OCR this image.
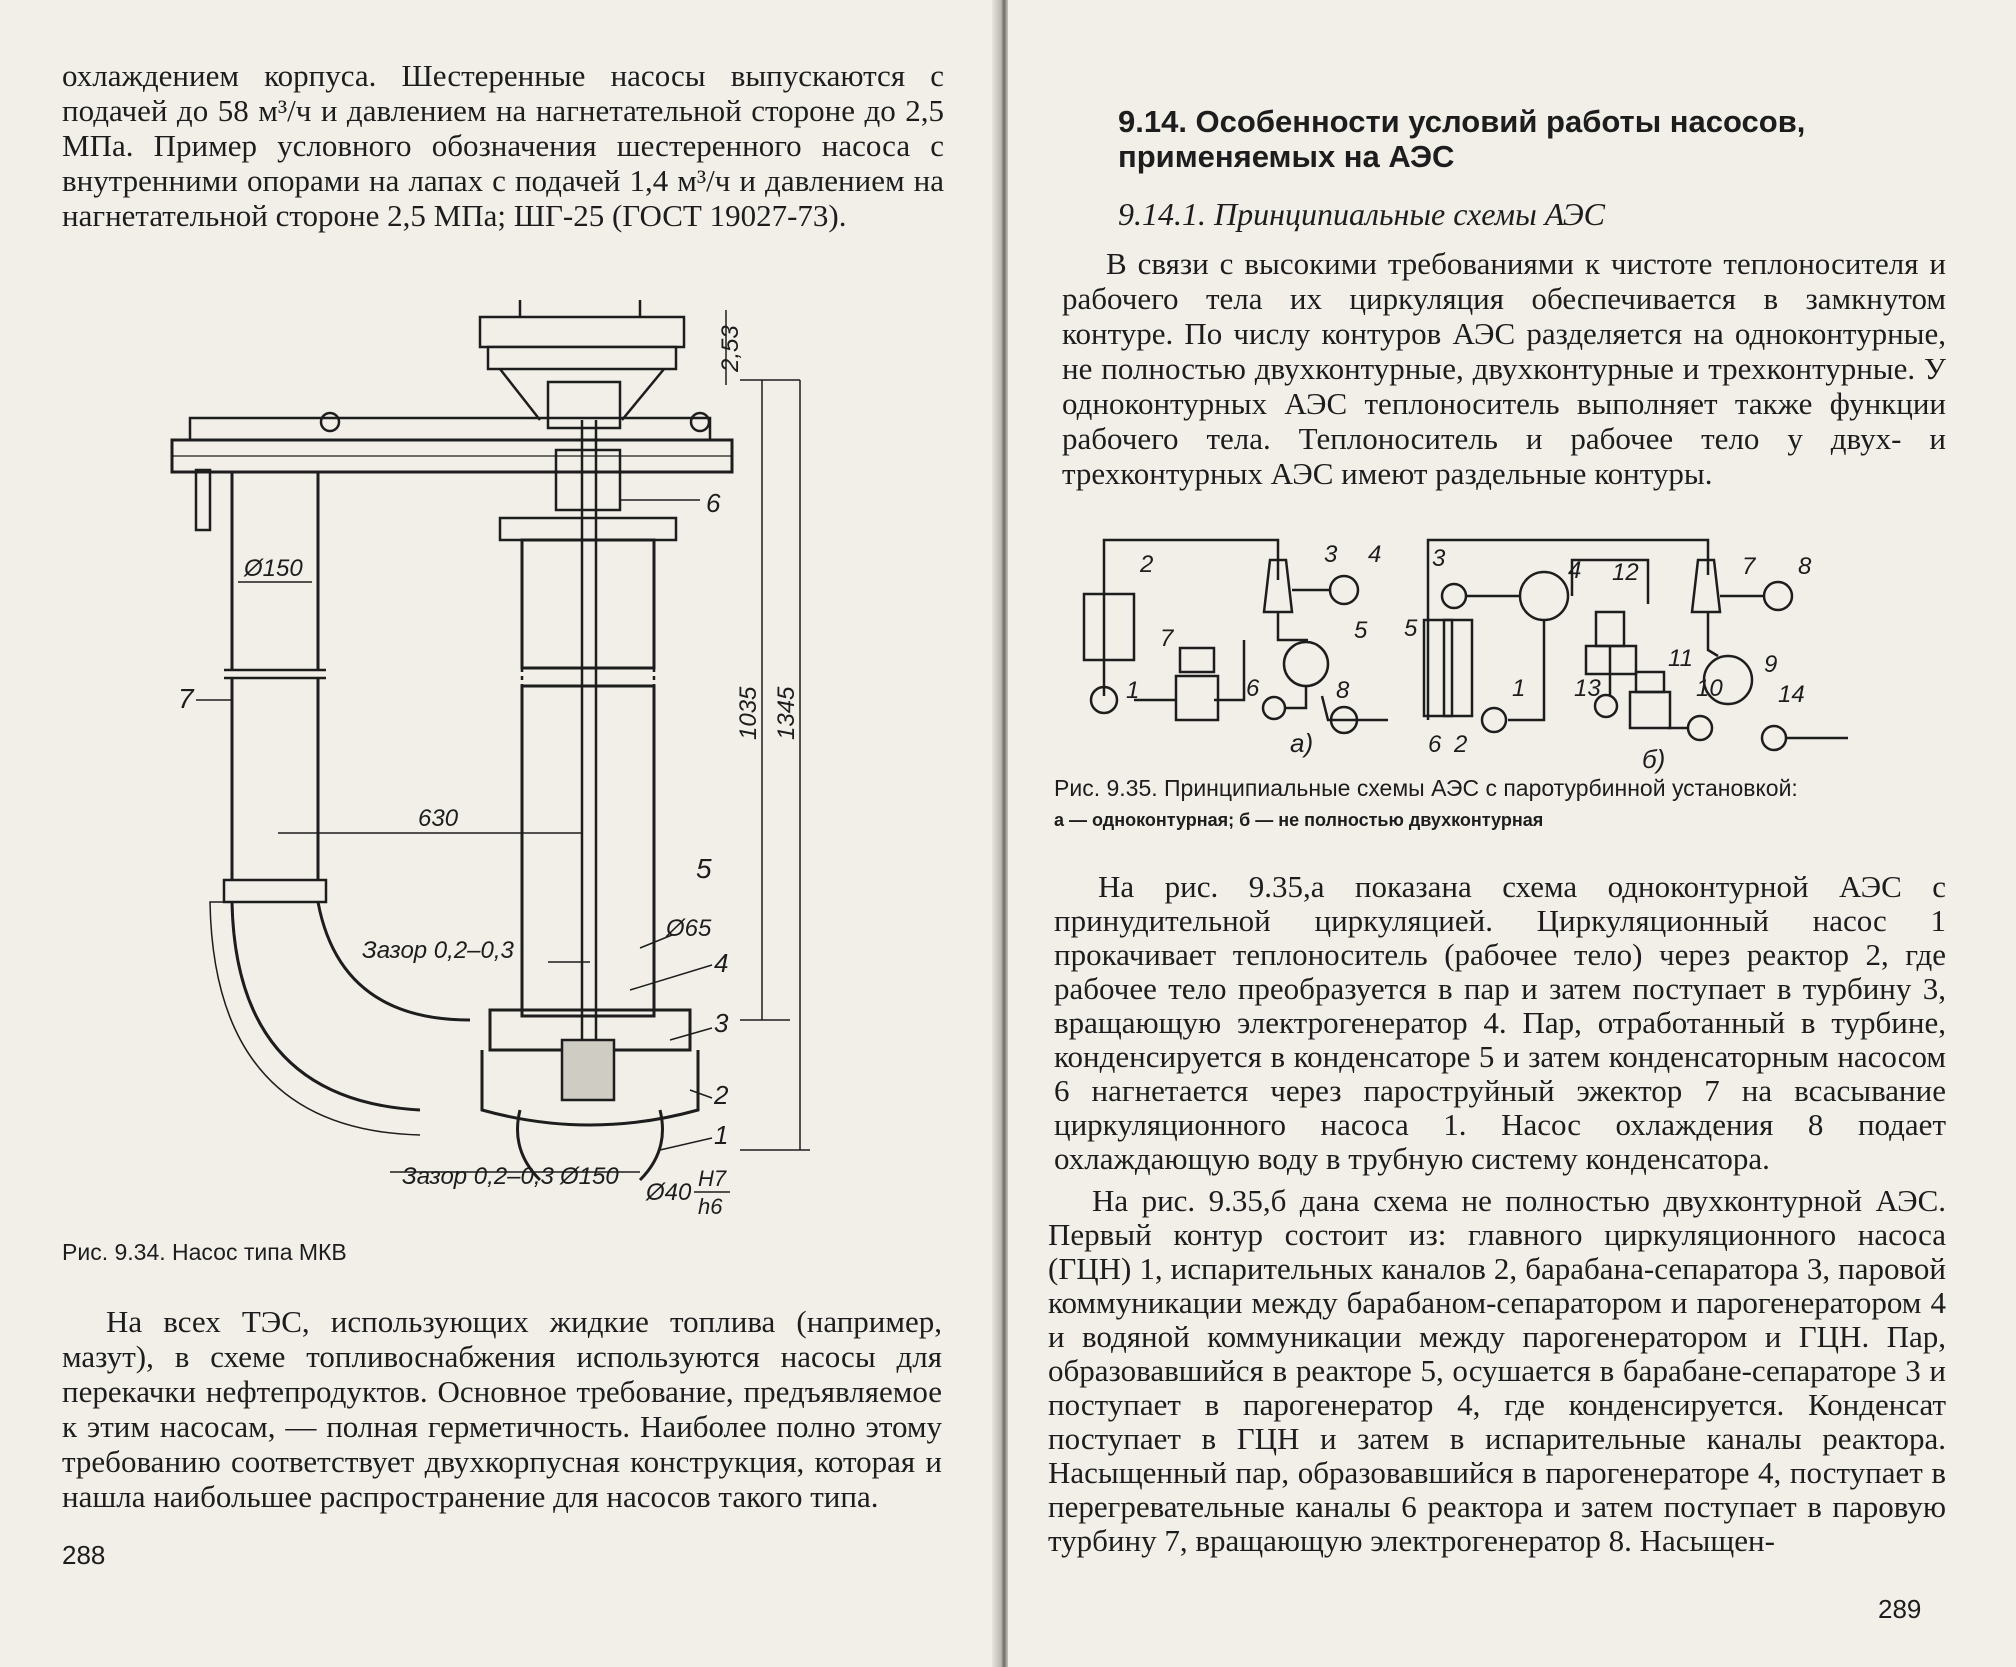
охлаждением корпуса. Шестеренные насосы выпускаются с подачей до 58 м³/ч и давлением на нагнетательной стороне до 2,5 МПа. Пример условного обозначения шестеренного насоса с внутренними опорами на лапах с подачей 1,4 м³/ч и давлением на нагнетательной стороне 2,5 МПа; ШГ-25 (ГОСТ 19027-73).

2,53
6
Ø150
7	1035 1345
630
5
Ø65
Зазор 0,2–0,3	4
3
2
1
Зазор 0,2–0,3 Ø150
Ø40
H7
h6

Рис. 9.34. Насос типа МКВ

На всех ТЭС, использующих жидкие топлива (например, мазут), в схеме топливоснабжения используются насосы для перекачки нефтепродуктов. Основное требование, предъявляемое к этим насосам, — полная герметичность. Наиболее полно этому требованию соответствует двухкорпусная конструкция, которая и нашла наибольшее распространение для насосов такого типа.

288

9.14. Особенности условий работы насосов, применяемых на АЭС

9.14.1. Принципиальные схемы АЭС

В связи с высокими требованиями к чистоте теплоносителя и рабочего тела их циркуляция обеспечивается в замкнутом контуре. По числу контуров АЭС разделяется на одноконтурные, не полностью двухконтурные, двухконтурные и трехконтурные. У одноконтурных АЭС теплоноситель выполняет также функции рабочего тела. Теплоноситель и рабочее тело у двух- и трехконтурных АЭС имеют раздельные контуры.

1
2	3 4
5
6
7
8
а)
1
2
3	4
5
6
7 8
9
10
11
12
13	14
б)

Рис. 9.35. Принципиальные схемы АЭС с паротурбинной установкой:

а — одноконтурная; б — не полностью двухконтурная

На рис. 9.35,а показана схема одноконтурной АЭС с принудительной циркуляцией. Циркуляционный насос 1 прокачивает теплоноситель (рабочее тело) через реактор 2, где рабочее тело преобразуется в пар и затем поступает в турбину 3, вращающую электрогенератор 4. Пар, отработанный в турбине, конденсируется в конденсаторе 5 и затем конденсаторным насосом 6 нагнетается через пароструйный эжектор 7 на всасывание циркуляционного насоса 1. Насос охлаждения 8 подает охлаждающую воду в трубную систему конденсатора.

На рис. 9.35,б дана схема не полностью двухконтурной АЭС. Первый контур состоит из: главного циркуляционного насоса (ГЦН) 1, испарительных каналов 2, барабана-сепаратора 3, паровой коммуникации между барабаном-сепаратором и парогенератором 4 и водяной коммуникации между парогенератором и ГЦН. Пар, образовавшийся в реакторе 5, осушается в барабане-сепараторе 3 и поступает в парогенератор 4, где конденсируется. Конденсат поступает в ГЦН и затем в испарительные каналы реактора. Насыщенный пар, образовавшийся в парогенераторе 4, поступает в перегревательные каналы 6 реактора и затем поступает в паровую турбину 7, вращающую электрогенератор 8. Насыщен-

289
